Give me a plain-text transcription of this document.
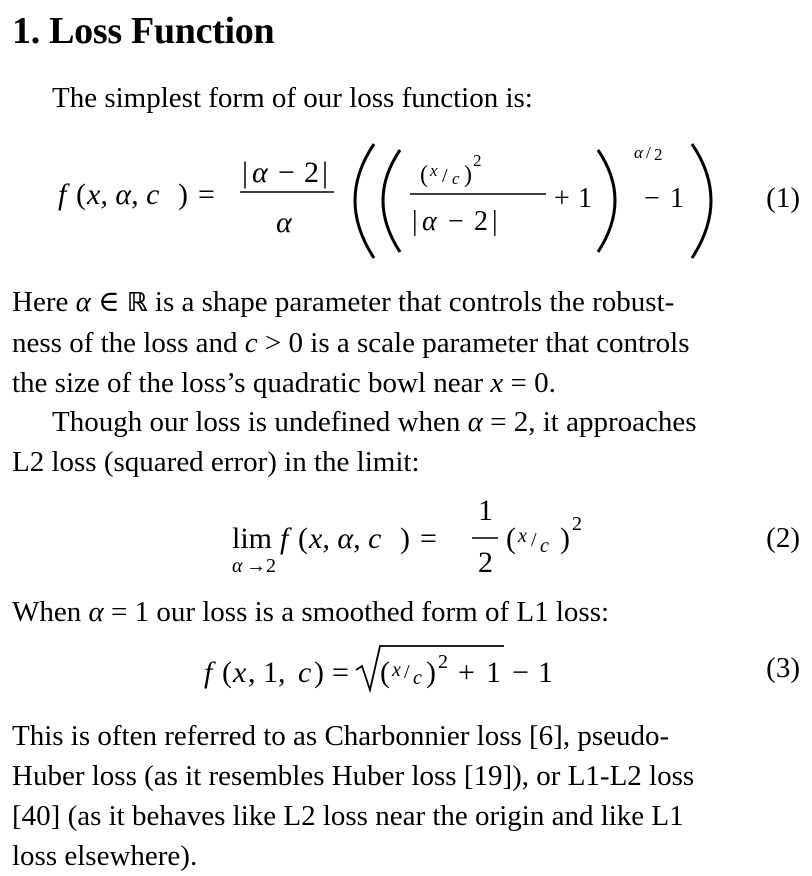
1. Loss Function

The simplest form of our loss function is:

f ( x, α, c ) =
| α − 2 |
α
( x / c )
2
| α − 2 |
+ 1
α / 2
− 1	(1)

Here α ∈ ℝ is a shape parameter that controls the robust-
ness of the loss and c > 0 is a scale parameter that controls
the size of the loss’s quadratic bowl near x = 0.

Though our loss is undefined when α = 2, it approaches
L2 loss (squared error) in the limit:

lim f ( x, α, c ) =
1
2
( )
α →2
x / c
2	(2)

When α = 1 our loss is a smoothed form of L1 loss:

f ( x , 1, c ) = ( ) + 1 − 1
x / c
2	(3)

This is often referred to as Charbonnier loss [6], pseudo-
Huber loss (as it resembles Huber loss [19]), or L1-L2 loss
[40] (as it behaves like L2 loss near the origin and like L1
loss elsewhere).
